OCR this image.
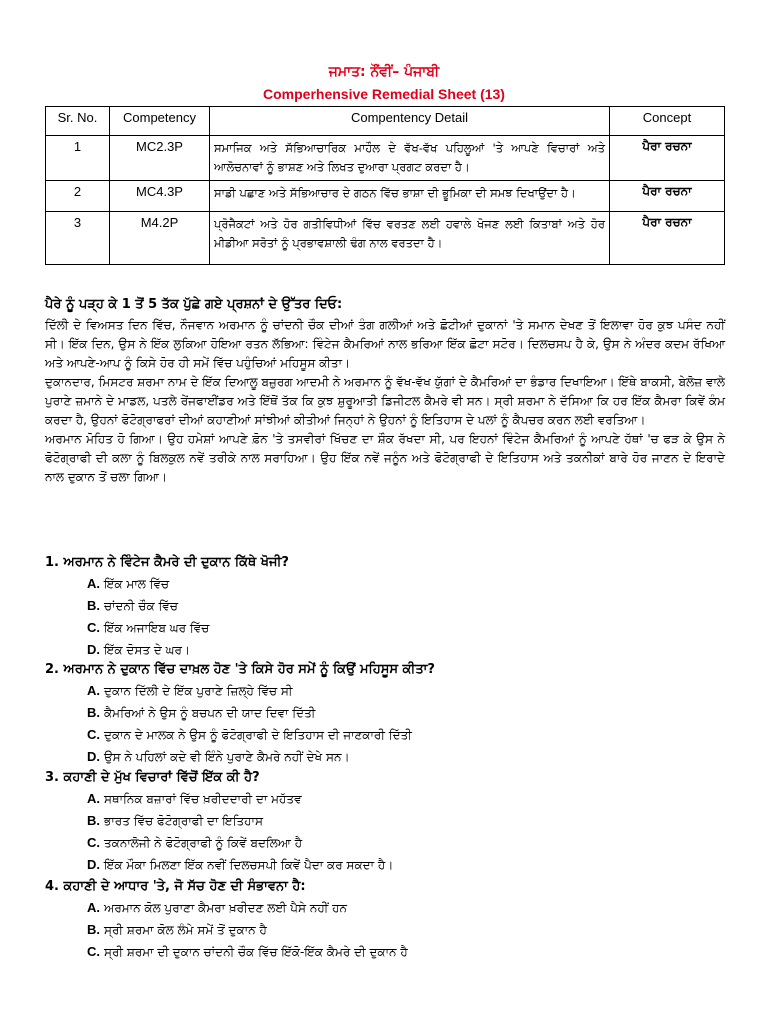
ਜਮਾਤ: ਨੌਂਵੀਂ– ਪੰਜਾਬੀ
Comperhensive Remedial Sheet (13)
Sr. No.	Competency	Compentency Detail	Concept
1	MC2.3P	ਸਮਾਜਿਕ ਅਤੇ ਸੱਭਿਆਚਾਰਿਕ ਮਾਹੌਲ ਦੇ ਵੱਖ-ਵੱਖ ਪਹਿਲੂਆਂ 'ਤੇ ਆਪਣੇ ਵਿਚਾਰਾਂ ਅਤੇ ਆਲੋਚਨਾਵਾਂ ਨੂੰ ਭਾਸ਼ਣ ਅਤੇ ਲਿਖਤ ਦੁਆਰਾ ਪ੍ਰਗਟ ਕਰਦਾ ਹੈ।	ਪੈਰਾ ਰਚਨਾ
2	MC4.3P	ਸਾਡੀ ਪਛਾਣ ਅਤੇ ਸੱਭਿਆਚਾਰ ਦੇ ਗਠਨ ਵਿੱਚ ਭਾਸ਼ਾ ਦੀ ਭੂਮਿਕਾ ਦੀ ਸਮਝ ਦਿਖਾਉਂਦਾ ਹੈ।	ਪੈਰਾ ਰਚਨਾ
3	M4.2P	ਪ੍ਰੋਜੈਕਟਾਂ ਅਤੇ ਹੋਰ ਗਤੀਵਿਧੀਆਂ ਵਿੱਚ ਵਰਤਣ ਲਈ ਹਵਾਲੇ ਖੋਜਣ ਲਈ ਕਿਤਾਬਾਂ ਅਤੇ ਹੋਰ ਮੀਡੀਆ ਸਰੋਤਾਂ ਨੂੰ ਪ੍ਰਭਾਵਸ਼ਾਲੀ ਢੰਗ ਨਾਲ ਵਰਤਦਾ ਹੈ।	ਪੈਰਾ ਰਚਨਾ
ਪੈਰੇ ਨੂੰ ਪੜ੍ਹ ਕੇ 1 ਤੋਂ 5 ਤੱਕ ਪੁੱਛੇ ਗਏ ਪ੍ਰਸ਼ਨਾਂ ਦੇ ਉੱਤਰ ਦਿਓ:

ਦਿੱਲੀ ਦੇ ਵਿਅਸਤ ਦਿਨ ਵਿੱਚ, ਨੌਜਵਾਨ ਅਰਮਾਨ ਨੂੰ ਚਾਂਦਨੀ ਚੌਕ ਦੀਆਂ ਤੰਗ ਗਲੀਆਂ ਅਤੇ ਛੋਟੀਆਂ ਦੁਕਾਨਾਂ 'ਤੇ ਸਮਾਨ ਦੇਖਣ ਤੋਂ ਇਲਾਵਾ ਹੋਰ ਕੁਝ ਪਸੰਦ ਨਹੀਂ ਸੀ। ਇੱਕ ਦਿਨ, ਉਸ ਨੇ ਇੱਕ ਲੁਕਿਆ ਹੋਇਆ ਰਤਨ ਲੱਭਿਆ: ਵਿੰਟੇਜ ਕੈਮਰਿਆਂ ਨਾਲ ਭਰਿਆ ਇੱਕ ਛੋਟਾ ਸਟੋਰ। ਦਿਲਚਸਪ ਹੈ ਕੇ, ਉਸ ਨੇ ਅੰਦਰ ਕਦਮ ਰੱਖਿਆ ਅਤੇ ਆਪਣੇ-ਆਪ ਨੂੰ ਕਿਸੇ ਹੋਰ ਹੀ ਸਮੇਂ ਵਿੱਚ ਪਹੁੰਚਿਆਂ ਮਹਿਸੂਸ ਕੀਤਾ।

ਦੁਕਾਨਦਾਰ, ਮਿਸਟਰ ਸ਼ਰਮਾ ਨਾਮ ਦੇ ਇੱਕ ਦਿਆਲੂ ਬਜ਼ੁਰਗ ਆਦਮੀ ਨੇ ਅਰਮਾਨ ਨੂੰ ਵੱਖ-ਵੱਖ ਯੁੱਗਾਂ ਦੇ ਕੈਮਰਿਆਂ ਦਾ ਭੰਡਾਰ ਦਿਖਾਇਆ। ਇੱਥੇ ਬਾਕਸੀ, ਬੇਲੋਜ਼ ਵਾਲੇ ਪੁਰਾਣੇ ਜ਼ਮਾਨੇ ਦੇ ਮਾਡਲ, ਪਤਲੇ ਰੇਂਜਫਾਈਂਡਰ ਅਤੇ ਇੱਥੋਂ ਤੱਕ ਕਿ ਕੁਝ ਸ਼ੁਰੂਆਤੀ ਡਿਜੀਟਲ ਕੈਮਰੇ ਵੀ ਸਨ। ਸ੍ਰੀ ਸ਼ਰਮਾ ਨੇ ਦੱਸਿਆ ਕਿ ਹਰ ਇੱਕ ਕੈਮਰਾ ਕਿਵੇਂ ਕੰਮ ਕਰਦਾ ਹੈ, ਉਹਨਾਂ ਫੋਟੋਗ੍ਰਾਫਰਾਂ ਦੀਆਂ ਕਹਾਣੀਆਂ ਸਾਂਝੀਆਂ ਕੀਤੀਆਂ ਜਿਨ੍ਹਾਂ ਨੇ ਉਹਨਾਂ ਨੂੰ ਇਤਿਹਾਸ ਦੇ ਪਲਾਂ ਨੂੰ ਕੈਪਚਰ ਕਰਨ ਲਈ ਵਰਤਿਆ।

ਅਰਮਾਨ ਮੋਹਿਤ ਹੋ ਗਿਆ। ਉਹ ਹਮੇਸ਼ਾਂ ਆਪਣੇ ਫ਼ੋਨ 'ਤੇ ਤਸਵੀਰਾਂ ਖਿੱਚਣ ਦਾ ਸ਼ੌਕ ਰੱਖਦਾ ਸੀ, ਪਰ ਇਹਨਾਂ ਵਿੰਟੇਜ ਕੈਮਰਿਆਂ ਨੂੰ ਆਪਣੇ ਹੱਥਾਂ 'ਚ ਫੜ ਕੇ ਉਸ ਨੇ ਫੋਟੋਗ੍ਰਾਫੀ ਦੀ ਕਲਾ ਨੂੰ ਬਿਲਕੁਲ ਨਵੇਂ ਤਰੀਕੇ ਨਾਲ ਸਰਾਹਿਆ। ਉਹ ਇੱਕ ਨਵੇਂ ਜਨੂੰਨ ਅਤੇ ਫੋਟੋਗ੍ਰਾਫੀ ਦੇ ਇਤਿਹਾਸ ਅਤੇ ਤਕਨੀਕਾਂ ਬਾਰੇ ਹੋਰ ਜਾਣਨ ਦੇ ਇਰਾਦੇ ਨਾਲ ਦੁਕਾਨ ਤੋਂ ਚਲਾ ਗਿਆ।

1. ਅਰਮਾਨ ਨੇ ਵਿੰਟੇਜ ਕੈਮਰੇ ਦੀ ਦੁਕਾਨ ਕਿੱਥੇ ਖੋਜੀ?

A. ਇੱਕ ਮਾਲ ਵਿੱਚ

B. ਚਾਂਦਨੀ ਚੌਕ ਵਿੱਚ

C. ਇੱਕ ਅਜਾਇਬ ਘਰ ਵਿੱਚ

D. ਇੱਕ ਦੋਸਤ ਦੇ ਘਰ।

2. ਅਰਮਾਨ ਨੇ ਦੁਕਾਨ ਵਿੱਚ ਦਾਖ਼ਲ ਹੋਣ 'ਤੇ ਕਿਸੇ ਹੋਰ ਸਮੇਂ ਨੂੰ ਕਿਉਂ ਮਹਿਸੂਸ ਕੀਤਾ?

A. ਦੁਕਾਨ ਦਿੱਲੀ ਦੇ ਇੱਕ ਪੁਰਾਣੇ ਜ਼ਿਲ੍ਹੇ ਵਿੱਚ ਸੀ

B. ਕੈਮਰਿਆਂ ਨੇ ਉਸ ਨੂੰ ਬਚਪਨ ਦੀ ਯਾਦ ਦਿਵਾ ਦਿੱਤੀ

C. ਦੁਕਾਨ ਦੇ ਮਾਲਕ ਨੇ ਉਸ ਨੂੰ ਫੋਟੋਗ੍ਰਾਫੀ ਦੇ ਇਤਿਹਾਸ ਦੀ ਜਾਣਕਾਰੀ ਦਿੱਤੀ

D. ਉਸ ਨੇ ਪਹਿਲਾਂ ਕਦੇ ਵੀ ਇੰਨੇ ਪੁਰਾਣੇ ਕੈਮਰੇ ਨਹੀਂ ਦੇਖੇ ਸਨ।

3. ਕਹਾਣੀ ਦੇ ਮੁੱਖ ਵਿਚਾਰਾਂ ਵਿੱਚੋਂ ਇੱਕ ਕੀ ਹੈ?

A. ਸਥਾਨਿਕ ਬਜ਼ਾਰਾਂ ਵਿੱਚ ਖ਼ਰੀਦਦਾਰੀ ਦਾ ਮਹੱਤਵ

B. ਭਾਰਤ ਵਿੱਚ ਫੋਟੋਗ੍ਰਾਫੀ ਦਾ ਇਤਿਹਾਸ

C. ਤਕਨਾਲੋਜੀ ਨੇ ਫੋਟੋਗ੍ਰਾਫੀ ਨੂੰ ਕਿਵੇਂ ਬਦਲਿਆ ਹੈ

D. ਇੱਕ ਮੌਕਾ ਮਿਲਣਾ ਇੱਕ ਨਵੀਂ ਦਿਲਚਸਪੀ ਕਿਵੇਂ ਪੈਦਾ ਕਰ ਸਕਦਾ ਹੈ।

4. ਕਹਾਣੀ ਦੇ ਆਧਾਰ 'ਤੇ, ਜੋ ਸੱਚ ਹੋਣ ਦੀ ਸੰਭਾਵਨਾ ਹੈ:

A. ਅਰਮਾਨ ਕੋਲ ਪੁਰਾਣਾ ਕੈਮਰਾ ਖ਼ਰੀਦਣ ਲਈ ਪੈਸੇ ਨਹੀਂ ਹਨ

B. ਸ੍ਰੀ ਸ਼ਰਮਾ ਕੋਲ ਲੰਮੇ ਸਮੇਂ ਤੋਂ ਦੁਕਾਨ ਹੈ

C. ਸ੍ਰੀ ਸ਼ਰਮਾ ਦੀ ਦੁਕਾਨ ਚਾਂਦਨੀ ਚੌਕ ਵਿੱਚ ਇੱਕੋ-ਇੱਕ ਕੈਮਰੇ ਦੀ ਦੁਕਾਨ ਹੈ
